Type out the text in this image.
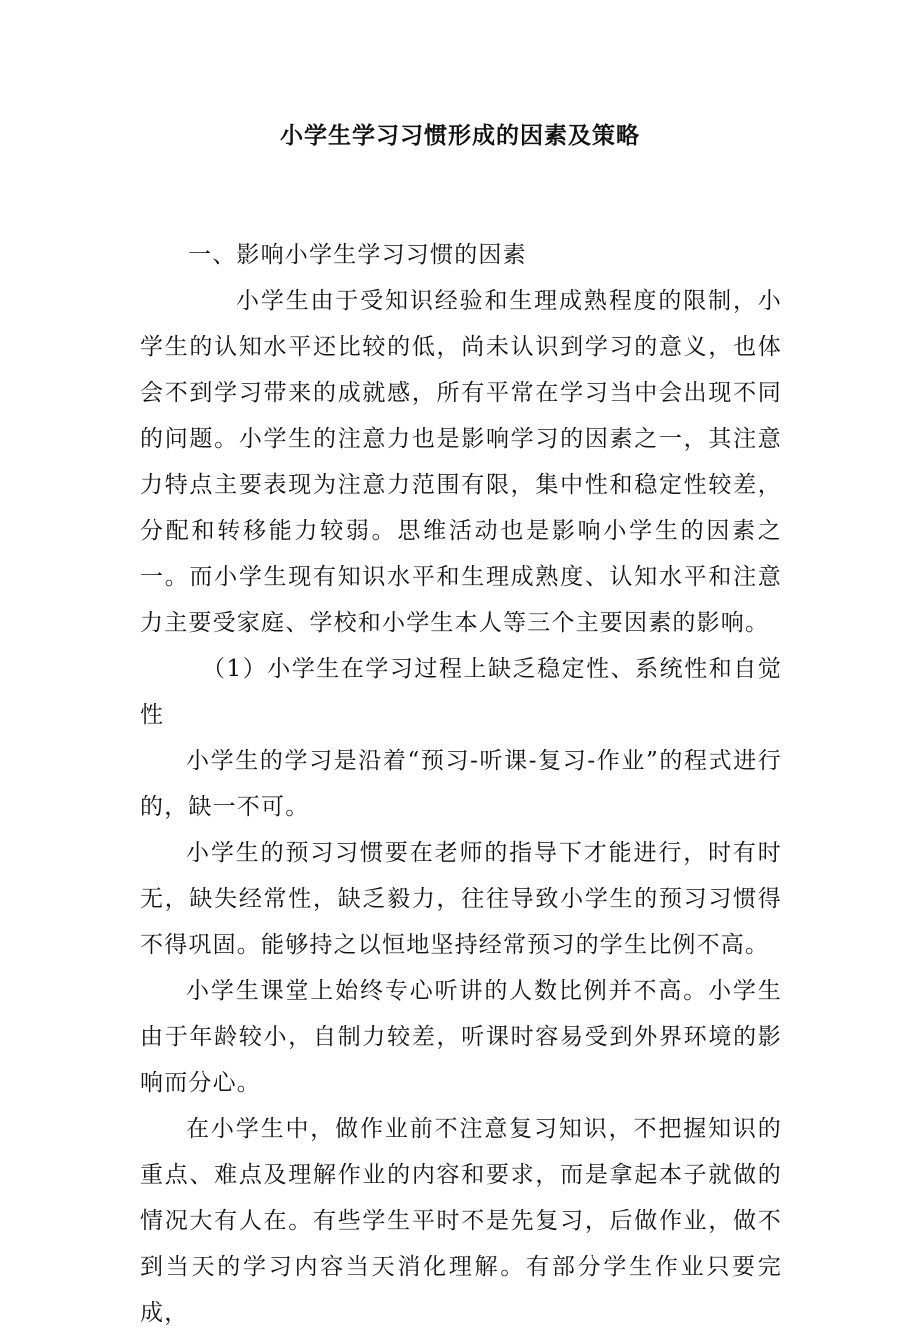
小学生学习习惯形成的因素及策略

一、影响小学生学习习惯的因素

小学生由于受知识经验和生理成熟程度的限制，小学生的认知水平还比较的低，尚未认识到学习的意义，也体会不到学习带来的成就感，所有平常在学习当中会出现不同的问题。小学生的注意力也是影响学习的因素之一，其注意力特点主要表现为注意力范围有限，集中性和稳定性较差，分配和转移能力较弱。思维活动也是影响小学生的因素之一。而小学生现有知识水平和生理成熟度、认知水平和注意力主要受家庭、学校和小学生本人等三个主要因素的影响。

（1）小学生在学习过程上缺乏稳定性、系统性和自觉性

小学生的学习是沿着“预习-听课-复习-作业”的程式进行的，缺一不可。

小学生的预习习惯要在老师的指导下才能进行，时有时无，缺失经常性，缺乏毅力，往往导致小学生的预习习惯得不得巩固。能够持之以恒地坚持经常预习的学生比例不高。

小学生课堂上始终专心听讲的人数比例并不高。小学生由于年龄较小，自制力较差，听课时容易受到外界环境的影响而分心。

在小学生中，做作业前不注意复习知识，不把握知识的重点、难点及理解作业的内容和要求，而是拿起本子就做的情况大有人在。有些学生平时不是先复习，后做作业，做不到当天的学习内容当天消化理解。有部分学生作业只要完成，
